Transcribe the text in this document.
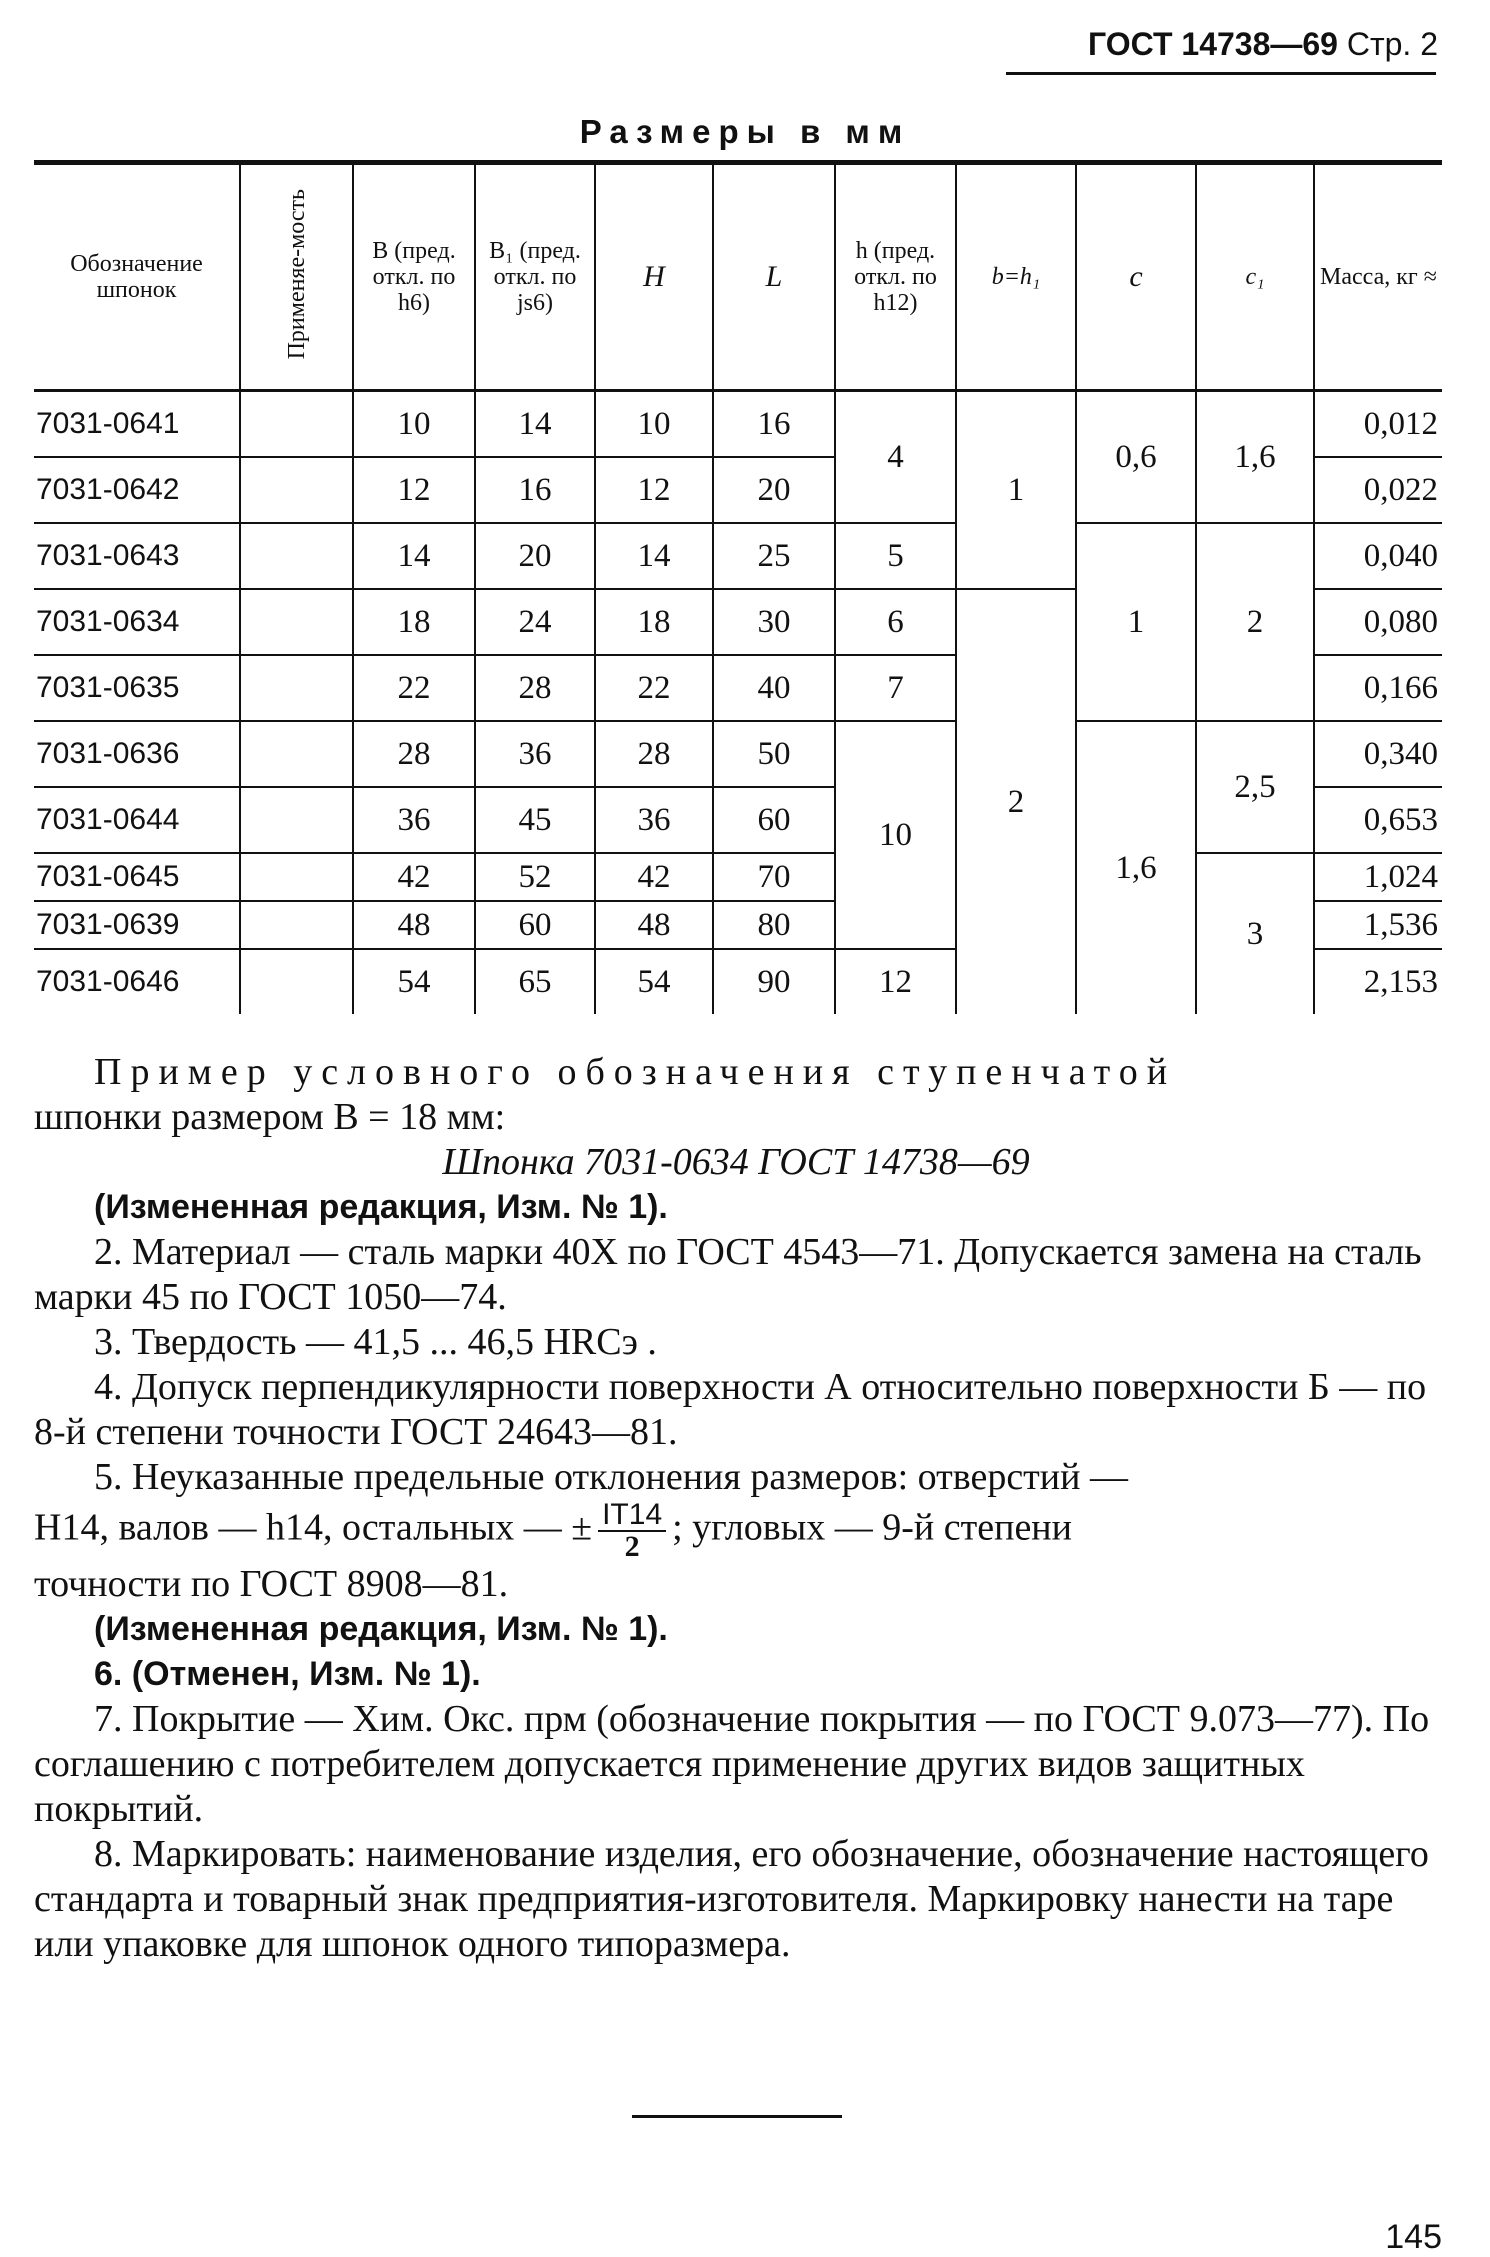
ГОСТ 14738—69 Стр. 2
Размеры в мм
Обозначение шпонок	Применяе-мость	B (пред. откл. по h6)	B₁ (пред. откл. по js6)	H	L	h (пред. откл. по h12)	b=h₁	c	c₁	Масса, кг ≈

7031-0641		10	14	10	16	4	1	0,6	1,6	0,012
7031-0642		12	16	12	20					0,022
7031-0643		14	20	14	25	5		1	2	0,040
7031-0634		18	24	18	30	6	2			0,080
7031-0635		22	28	22	40	7				0,166
7031-0636		28	36	28	50	10		1,6	2,5	0,340
7031-0644		36	45	36	60					0,653
7031-0645		42	52	42	70				3	1,024
7031-0639		48	60	48	80					1,536
7031-0646		54	65	54	90	12				2,153

Пример условного обозначения ступенчатой

шпонки размером B = 18 мм:

Шпонка 7031-0634 ГОСТ 14738—69

(Измененная редакция, Изм. № 1).

2. Материал — сталь марки 40Х по ГОСТ 4543—71. Допускается замена на сталь марки 45 по ГОСТ 1050—74.

3. Твердость — 41,5 ... 46,5 HRCэ .

4. Допуск перпендикулярности поверхности А относительно поверхности Б — по 8-й степени точности ГОСТ 24643—81.

5. Неуказанные предельные отклонения размеров: отверстий —

H14, валов — h14, остальных — ± $\frac{IT14}{2}$ ; угловых — 9-й степени

точности по ГОСТ 8908—81.

(Измененная редакция, Изм. № 1).

6. (Отменен, Изм. № 1).

7. Покрытие — Хим. Окс. прм (обозначение покрытия — по ГОСТ 9.073—77). По соглашению с потребителем допускается применение других видов защитных покрытий.

8. Маркировать: наименование изделия, его обозначение, обозначение настоящего стандарта и товарный знак предприятия-изготовителя. Маркировку нанести на таре или упаковке для шпонок одного типоразмера.

145
